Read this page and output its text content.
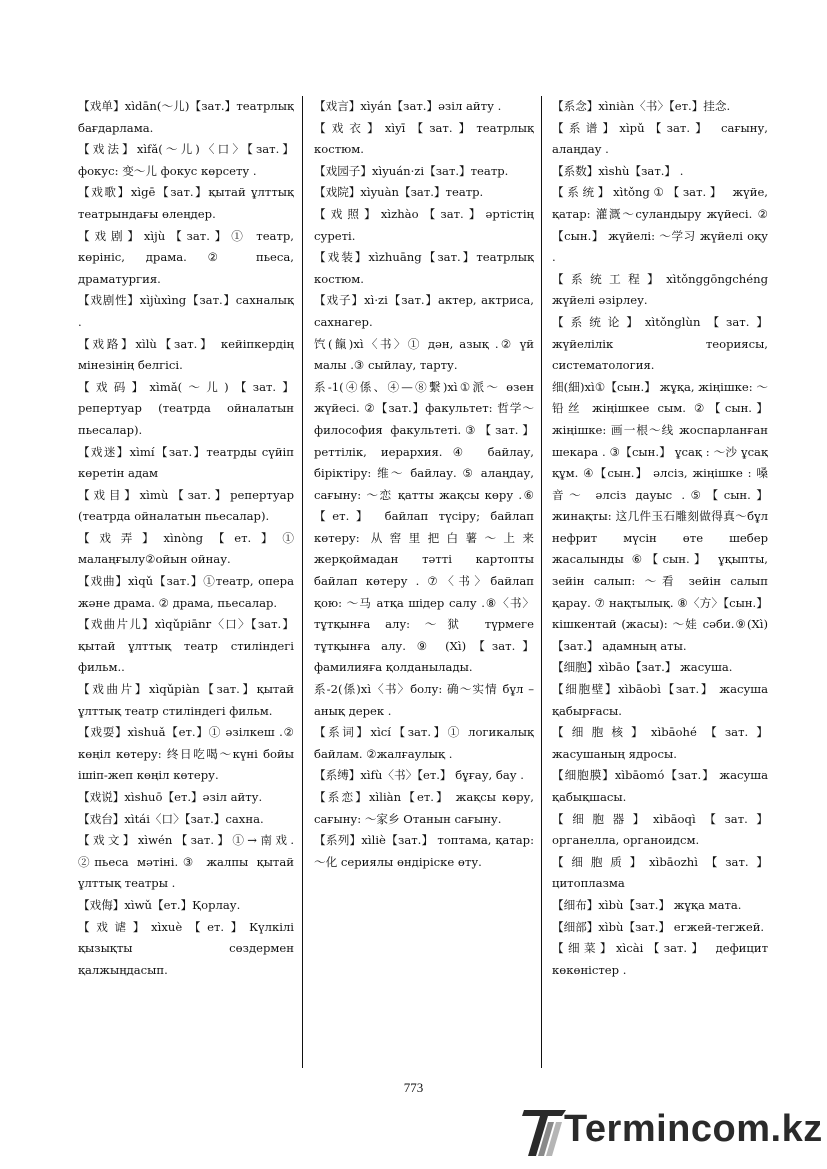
【戏单】xìdān(～儿)【зат.】театрлық бағдарлама.

【戏法】xìfǎ(～儿)〈口〉【зат.】фокус: 变～儿 фокус көрсету .

【戏歌】xìgē【зат.】қытай ұлттық театрындағы өлеңдер.

【戏剧】xìjù【зат.】① театр, көрініс, драма. ② пьеса, драматургия.

【戏剧性】xìjùxìng【зат.】сахналық .

【戏路】xìlù【зат.】 кейіпкердің мінезінің белгісі.

【戏码】xìmǎ(～儿)【зат.】репертуар (театрда ойналатын пьесалар).

【戏迷】xìmí【зат.】театрды сүйіп көретін адам

【戏目】xìmù【зат.】репертуар (театрда ойналатын пьесалар).

【戏弄】xìnòng【ет.】① малаңғылу②ойын ойнау.

【戏曲】xìqǔ【зат.】①театр, опера және драма. ② драма, пьесалар.

【戏曲片儿】xìqǔpiānr〈口〉【зат.】қытай ұлттық театр стиліндегі фильм..

【戏曲片】xìqǔpiàn【зат.】қытай ұлттық театр стиліндегі фильм.

【戏耍】xìshuǎ【ет.】① әзілкеш .② көңіл көтеру: 终日吃喝～күні бойы ішіп-жеп көңіл көтеру.

【戏说】xìshuō【ет.】әзіл айту.

【戏台】xìtái〈口〉【зат.】сахна.

【戏文】xìwén【зат.】①→南戏. ②пьеса мәтіні.③ жалпы қытай ұлттық театры .

【戏侮】xìwǔ【ет.】Қорлау.

【戏谑】xìxuè【ет.】Күлкілі қызықты сөздермен қалжыңдасып.

【戏言】xìyán【зат.】әзіл айту .

【戏衣】xìyī【зат.】театрлық костюм.

【戏园子】xìyuán·zi【зат.】театр.

【戏院】xìyuàn【зат.】театр.

【戏照】xìzhào【зат.】әртістің суреті.

【戏装】xìzhuāng【зат.】театрлық костюм.

【戏子】xì·zi【зат.】актер, актриса, сахнагер.

饩(餼)xì〈书〉① дән, азық .② үй малы .③ сыйлау, тарту.

系-1(④係、④—⑧繫)xì①派～ өзен жүйесі. ②【зат.】факультет: 哲学～ философия факультеті.③【зат.】реттілік, иерархия.④ байлау, біріктіру: 维～ байлау. ⑤ алаңдау, сағыну: ～恋 қатты жақсы көру .⑥【ет.】 байлап түсіру; байлап көтеру: 从窖里把白薯～上来 жерқоймадан тәтті картопты байлап көтеру . ⑦〈书〉байлап қою: ～马 атқа шідер салу .⑧〈书〉тұтқынға алу: ～狱 түрмеге тұтқынға алу. ⑨ (Xì)【зат.】фамилияға қолданылады.

系-2(係)xì〈书〉болу: 确～实情 бұл – анық дерек .

【系词】xìcí【зат.】① логикалық байлам. ②жалғаулық .

【系缚】xìfù〈书〉【ет.】 бұғау, бау .

【系恋】xìliàn【ет.】 жақсы көру, сағыну: ～家乡 Отанын сағыну.

【系列】xìliè【зат.】 топтама, қатар: ～化 сериялы өндіріске өту.

【系念】xìniàn〈书〉【ет.】挂念.

【系谱】xìpǔ【зат.】 сағыну, алаңдау .

【系数】xìshù【зат.】 .

【系统】xìtǒng①【зат.】 жүйе, қатар: 灌溉～суландыру жүйесі. ②【сын.】 жүйелі: ～学习 жүйелі оқу .

【系统工程】xìtǒnggōngchéng жүйелі әзірлеу.

【系统论】xìtǒnglùn【зат.】жүйелілік теориясы, систематология.

细(細)xì①【сын.】 жұқа, жіңішке: ～铅丝 жіңішкее сым. ②【сын.】 жіңішке: 画一根～线 жоспарланған шекара . ③【сын.】 ұсақ : ～沙 ұсақ құм. ④【сын.】 әлсіз, жіңішке : 嗓音～ әлсіз дауыс .⑤【сын.】 жинақты: 这几件玉石雕刻做得真～бұл нефрит мүсін өте шебер жасалынды ⑥【сын.】 ұқыпты, зейін салып: ～看 зейін салып қарау. ⑦ нақтылық. ⑧〈方〉【сын.】 кішкентай (жасы): ～娃 сәби.⑨(Xì)【зат.】 адамның аты.

【细胞】xìbāo【зат.】 жасуша.

【细胞壁】xìbāobì【зат.】 жасуша қабырғасы.

【细胞核】xìbāohé【зат.】 жасушаның ядросы.

【细胞膜】xìbāomó【зат.】 жасуша қабықшасы.

【细胞器】xìbāoqì【зат.】 органелла, органоидсм.

【细胞质】xìbāozhì【зат.】 цитоплазма

【细布】xìbù【зат.】 жұқа мата.

【细部】xìbù【зат.】 егжей-тегжей.

【细菜】xìcài【зат.】 дефицит көкөністер .

773
Termincom.kz
